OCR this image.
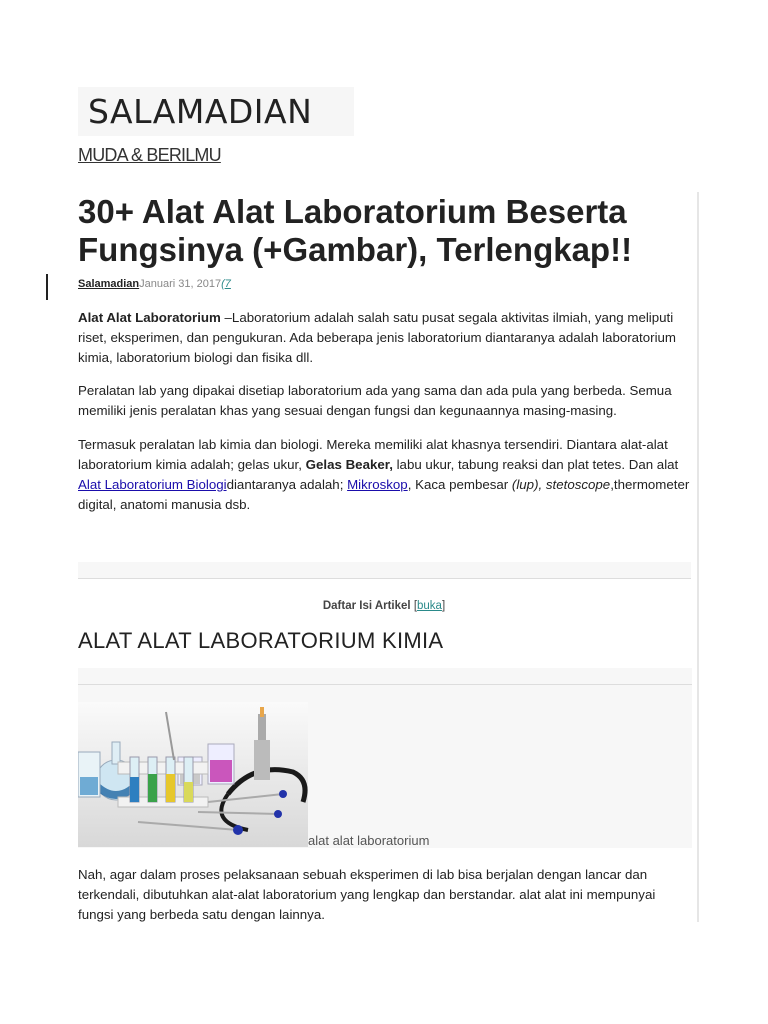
SALAMADIAN
MUDA & BERILMU
30+ Alat Alat Laboratorium Beserta Fungsinya (+Gambar), Terlengkap!!
SalamadianJanuari 31, 2017(7

Alat Alat Laboratorium –Laboratorium adalah salah satu pusat segala aktivitas ilmiah, yang meliputi riset, eksperimen, dan pengukuran. Ada beberapa jenis laboratorium diantaranya adalah laboratorium kimia, laboratorium biologi dan fisika dll.

Peralatan lab yang dipakai disetiap laboratorium ada yang sama dan ada pula yang berbeda. Semua memiliki jenis peralatan khas yang sesuai dengan fungsi dan kegunaannya masing-masing.

Termasuk peralatan lab kimia dan biologi. Mereka memiliki alat khasnya tersendiri. Diantara alat-alat laboratorium kimia adalah; gelas ukur, Gelas Beaker, labu ukur, tabung reaksi dan plat tetes. Dan alat Alat Laboratorium Biologidiantaranya adalah; Mikroskop, Kaca pembesar (lup), stetoscope,thermometer digital, anatomi manusia dsb.

Daftar Isi Artikel [buka]
ALAT ALAT LABORATORIUM KIMIA
alat alat laboratorium

Nah, agar dalam proses pelaksanaan sebuah eksperimen di lab bisa berjalan dengan lancar dan terkendali, dibutuhkan alat-alat laboratorium yang lengkap dan berstandar. alat alat ini mempunyai fungsi yang berbeda satu dengan lainnya.
